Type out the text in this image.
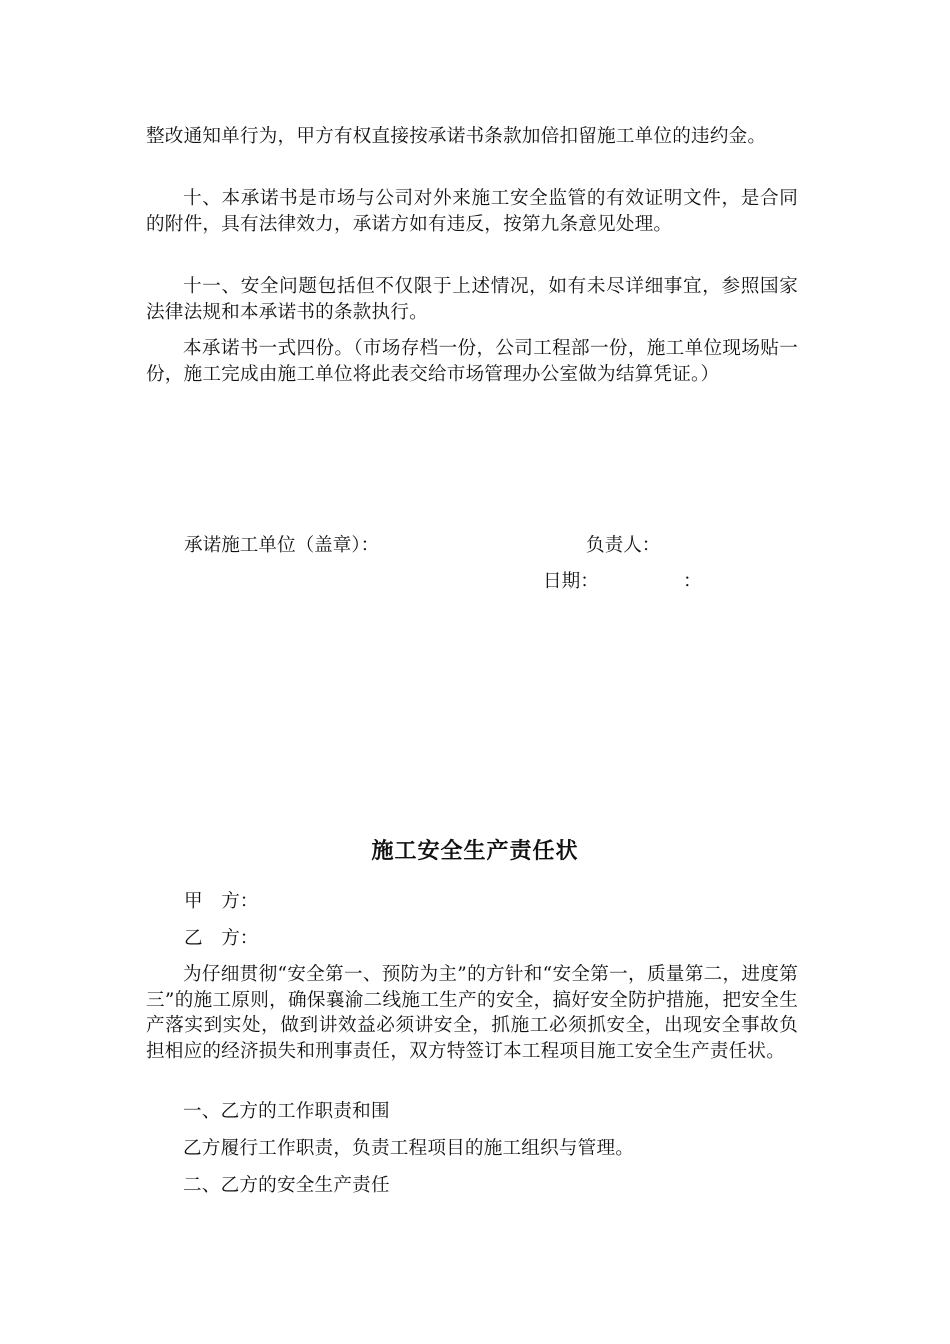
整改通知单行为，甲方有权直接按承诺书条款加倍扣留施工单位的违约金。

十、本承诺书是市场与公司对外来施工安全监管的有效证明文件，是合同的附件，具有法律效力，承诺方如有违反，按第九条意见处理。

十一、安全问题包括但不仅限于上述情况，如有未尽详细事宜，参照国家法律法规和本承诺书的条款执行。

本承诺书一式四份。（市场存档一份，公司工程部一份，施工单位现场贴一份，施工完成由施工单位将此表交给市场管理办公室做为结算凭证。）

承诺施工单位（盖章）：	负责人：
日期：	：
施工安全生产责任状
甲　方：
乙　方：

为仔细贯彻“安全第一、预防为主”的方针和“安全第一，质量第二，进度第三”的施工原则，确保襄渝二线施工生产的安全，搞好安全防护措施，把安全生产落实到实处，做到讲效益必须讲安全，抓施工必须抓安全，出现安全事故负担相应的经济损失和刑事责任，双方特签订本工程项目施工安全生产责任状。

一、乙方的工作职责和围

乙方履行工作职责，负责工程项目的施工组织与管理。

二、乙方的安全生产责任
